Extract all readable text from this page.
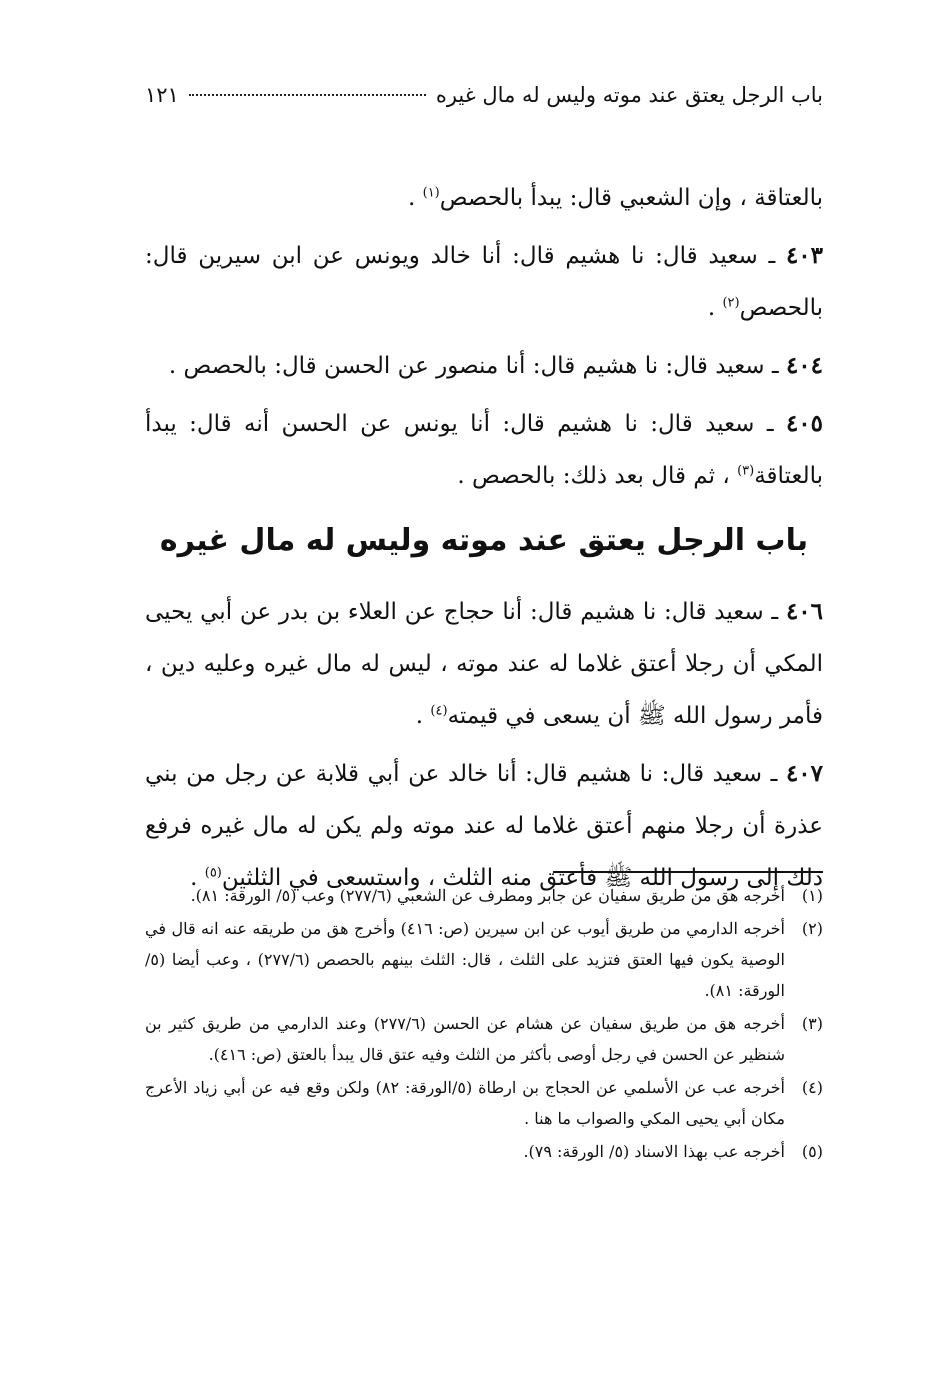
باب الرجل يعتق عند موته وليس له مال غيره
١٢١

بالعتاقة ، وإن الشعبي قال: يبدأ بالحصص$^{(١)}$ .

٤٠٣ ـ سعيد قال: نا هشيم قال: أنا خالد ويونس عن ابن سيرين قال: بالحصص$^{(٢)}$ .

٤٠٤ ـ سعيد قال: نا هشيم قال: أنا منصور عن الحسن قال: بالحصص .

٤٠٥ ـ سعيد قال: نا هشيم قال: أنا يونس عن الحسن أنه قال: يبدأ بالعتاقة$^{(٣)}$ ، ثم قال بعد ذلك: بالحصص .

باب الرجل يعتق عند موته وليس له مال غيره

٤٠٦ ـ سعيد قال: نا هشيم قال: أنا حجاج عن العلاء بن بدر عن أبي يحيى المكي أن رجلا أعتق غلاما له عند موته ، ليس له مال غيره وعليه دين ، فأمر رسول الله ﷺ أن يسعى في قيمته$^{(٤)}$ .

٤٠٧ ـ سعيد قال: نا هشيم قال: أنا خالد عن أبي قلابة عن رجل من بني عذرة أن رجلا منهم أعتق غلاما له عند موته ولم يكن له مال غيره فرفع ذلك إلى رسول الله ﷺ فأعتق منه الثلث ، واستسعى في الثلثين$^{(٥)}$ .

(١)
أخرجه هق من طريق سفيان عن جابر ومطرف عن الشعبي (٢٧٧/٦) وعب (٥/ الورقة: ٨١).
(٢)
أخرجه الدارمي من طريق أيوب عن ابن سيرين (ص: ٤١٦) وأخرج هق من طريقه عنه انه قال في الوصية يكون فيها العتق فتزيد على الثلث ، قال: الثلث بينهم بالحصص (٢٧٧/٦) ، وعب أيضا (٥/ الورقة: ٨١).
(٣)
أخرجه هق من طريق سفيان عن هشام عن الحسن (٢٧٧/٦) وعند الدارمي من طريق كثير بن شنظير عن الحسن في رجل أوصى بأكثر من الثلث وفيه عتق قال يبدأ بالعتق (ص: ٤١٦).
(٤)
أخرجه عب عن الأسلمي عن الحجاج بن ارطاة (٥/الورقة: ٨٢) ولكن وقع فيه عن أبي زياد الأعرج مكان أبي يحيى المكي والصواب ما هنا .
(٥)
أخرجه عب بهذا الاسناد (٥/ الورقة: ٧٩).
